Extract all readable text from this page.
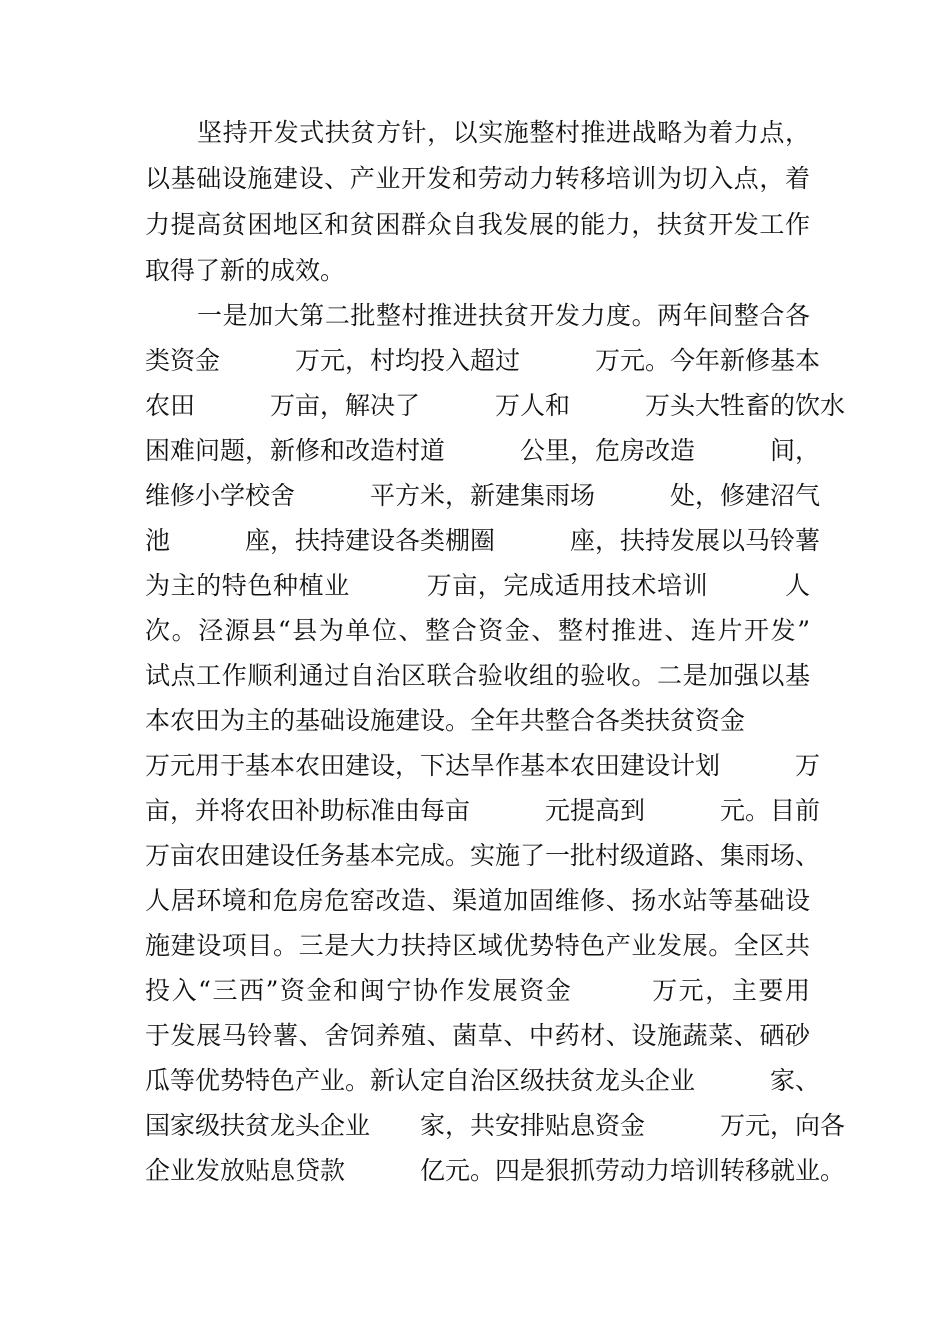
坚持开发式扶贫方针，以实施整村推进战略为着力点，
以基础设施建设、产业开发和劳动力转移培训为切入点，着
力提高贫困地区和贫困群众自我发展的能力，扶贫开发工作
取得了新的成效。
一是加大第二批整村推进扶贫开发力度。两年间整合各
类资金　　　万元，村均投入超过　　　万元。今年新修基本
农田　　　万亩，解决了　　　万人和　　　万头大牲畜的饮水
困难问题，新修和改造村道　　　公里，危房改造　　　间，
维修小学校舍　　　平方米，新建集雨场　　　处，修建沼气
池　　　座，扶持建设各类棚圈　　　座，扶持发展以马铃薯
为主的特色种植业　　　万亩，完成适用技术培训　　　人
次。泾源县“县为单位、整合资金、整村推进、连片开发”
试点工作顺利通过自治区联合验收组的验收。二是加强以基
本农田为主的基础设施建设。全年共整合各类扶贫资金
万元用于基本农田建设，下达旱作基本农田建设计划　　　万
亩，并将农田补助标准由每亩　　　元提高到　　　元。目前
万亩农田建设任务基本完成。实施了一批村级道路、集雨场、
人居环境和危房危窑改造、渠道加固维修、扬水站等基础设
施建设项目。三是大力扶持区域优势特色产业发展。全区共
投入“三西”资金和闽宁协作发展资金　　　万元，主要用
于发展马铃薯、舍饲养殖、菌草、中药材、设施蔬菜、硒砂
瓜等优势特色产业。新认定自治区级扶贫龙头企业　　　家、
国家级扶贫龙头企业　　家，共安排贴息资金　　　万元，向各
企业发放贴息贷款　　　亿元。四是狠抓劳动力培训转移就业。
